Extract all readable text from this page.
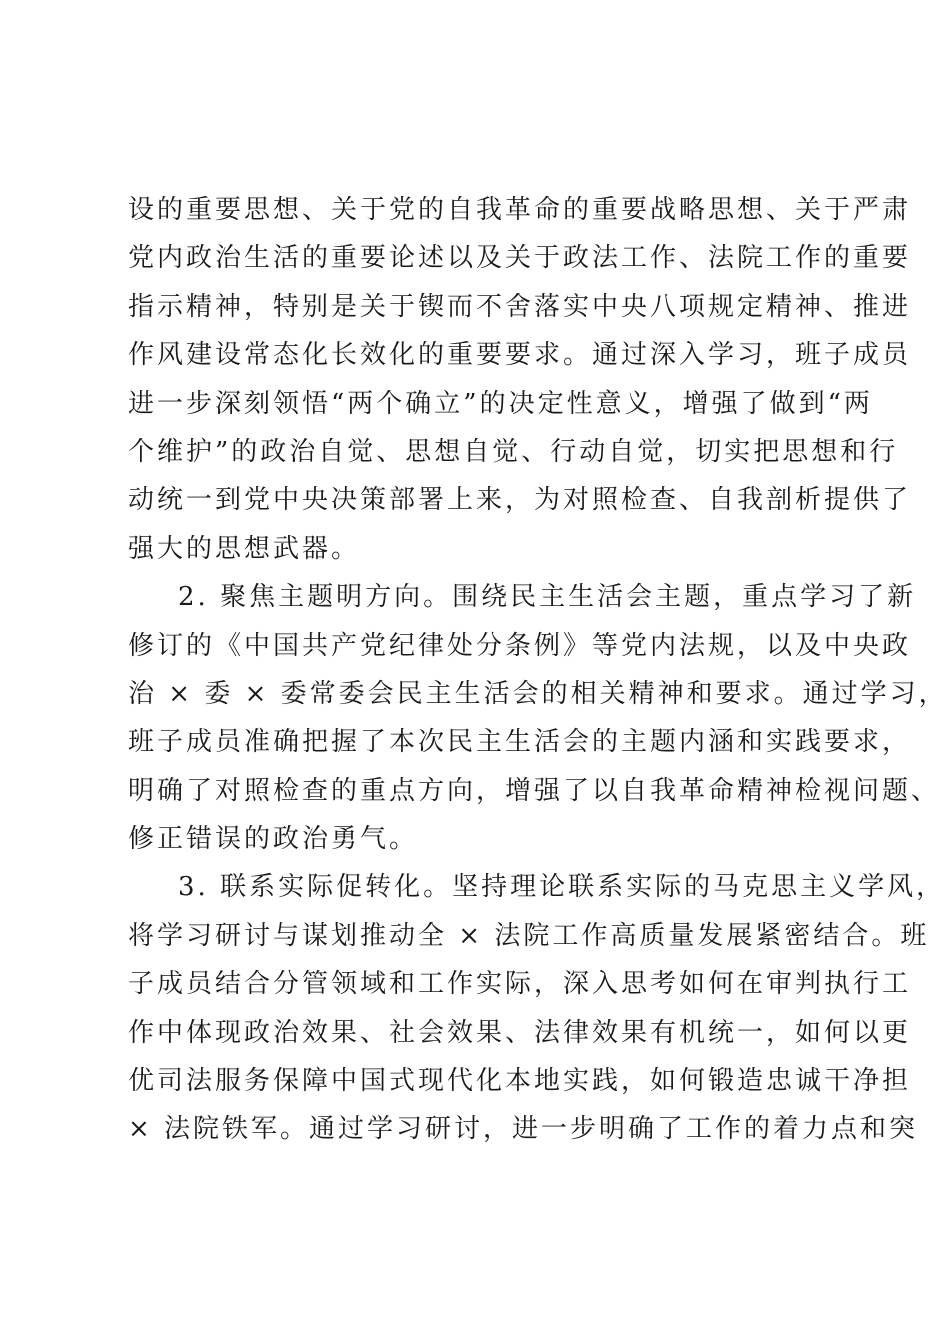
设的重要思想、关于党的自我革命的重要战略思想、关于严肃
党内政治生活的重要论述以及关于政法工作、法院工作的重要
指示精神，特别是关于锲而不舍落实中央八项规定精神、推进
作风建设常态化长效化的重要要求。通过深入学习，班子成员
进一步深刻领悟“两个确立”的决定性意义，增强了做到“两
个维护”的政治自觉、思想自觉、行动自觉，切实把思想和行
动统一到党中央决策部署上来，为对照检查、自我剖析提供了
强大的思想武器。
2. 聚焦主题明方向。围绕民主生活会主题，重点学习了新
修订的《中国共产党纪律处分条例》等党内法规，以及中央政
治 × 委 × 委常委会民主生活会的相关精神和要求。通过学习，
班子成员准确把握了本次民主生活会的主题内涵和实践要求，
明确了对照检查的重点方向，增强了以自我革命精神检视问题、
修正错误的政治勇气。
3. 联系实际促转化。坚持理论联系实际的马克思主义学风，
将学习研讨与谋划推动全 × 法院工作高质量发展紧密结合。班
子成员结合分管领域和工作实际，深入思考如何在审判执行工
作中体现政治效果、社会效果、法律效果有机统一，如何以更
优司法服务保障中国式现代化本地实践，如何锻造忠诚干净担
× 法院铁军。通过学习研讨，进一步明确了工作的着力点和突
